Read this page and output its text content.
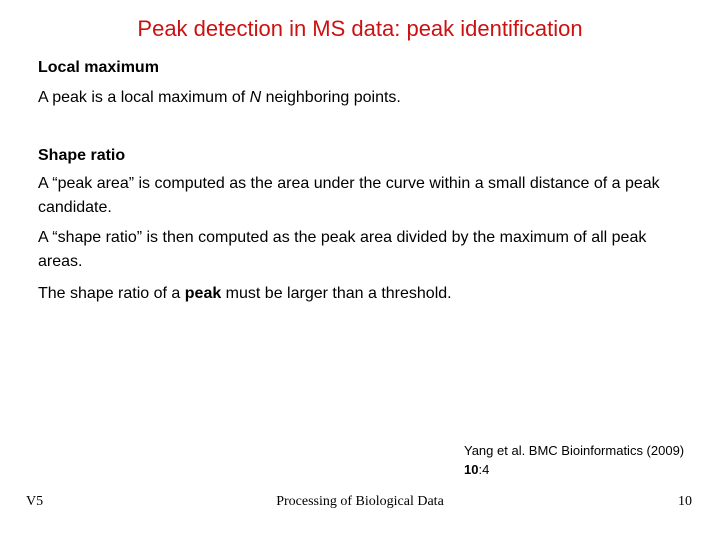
Peak detection in MS data: peak identification
Local maximum
A peak is a local maximum of N neighboring points.
Shape ratio
A “peak area” is computed as the area under the curve within a small distance of a peak candidate.
A “shape ratio” is then computed as the peak area divided by the maximum of all peak areas.
The shape ratio of a peak must be larger than a threshold.
Yang et al. BMC Bioinformatics (2009)
10:4
V5	Processing of Biological Data	10
